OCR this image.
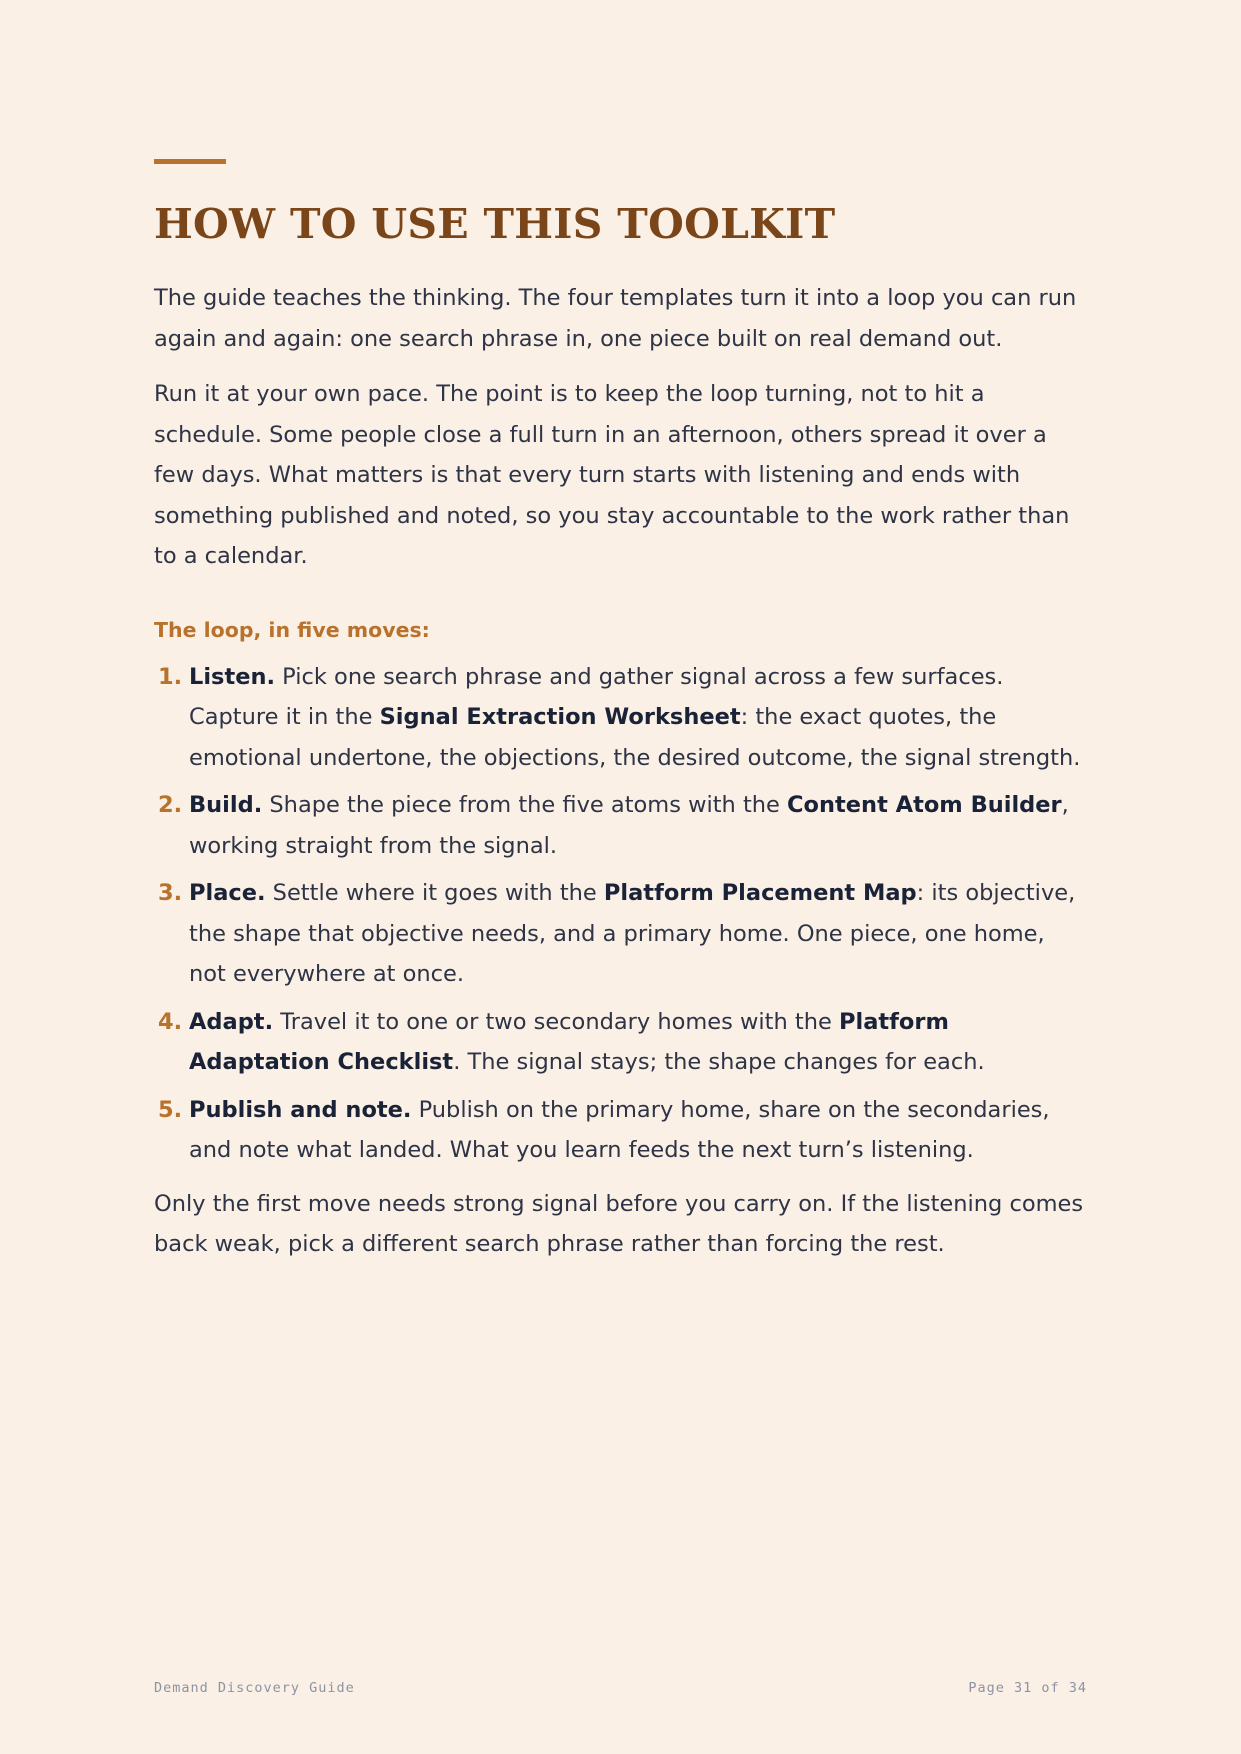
HOW TO USE THIS TOOLKIT

The guide teaches the thinking. The four templates turn it into a loop you can run again and again: one search phrase in, one piece built on real demand out.

Run it at your own pace. The point is to keep the loop turning, not to hit a schedule. Some people close a full turn in an afternoon, others spread it over a few days. What matters is that every turn starts with listening and ends with something published and noted, so you stay accountable to the work rather than to a calendar.

The loop, in five moves:
1. Listen. Pick one search phrase and gather signal across a few surfaces. Capture it in the Signal Extraction Worksheet: the exact quotes, the emotional undertone, the objections, the desired outcome, the signal strength.
2. Build. Shape the piece from the five atoms with the Content Atom Builder, working straight from the signal.
3. Place. Settle where it goes with the Platform Placement Map: its objective, the shape that objective needs, and a primary home. One piece, one home, not everywhere at once.
4. Adapt. Travel it to one or two secondary homes with the Platform Adaptation Checklist. The signal stays; the shape changes for each.
5. Publish and note. Publish on the primary home, share on the secondaries, and note what landed. What you learn feeds the next turn’s listening.

Only the first move needs strong signal before you carry on. If the listening comes back weak, pick a different search phrase rather than forcing the rest.

Demand Discovery Guide	Page 31 of 34
